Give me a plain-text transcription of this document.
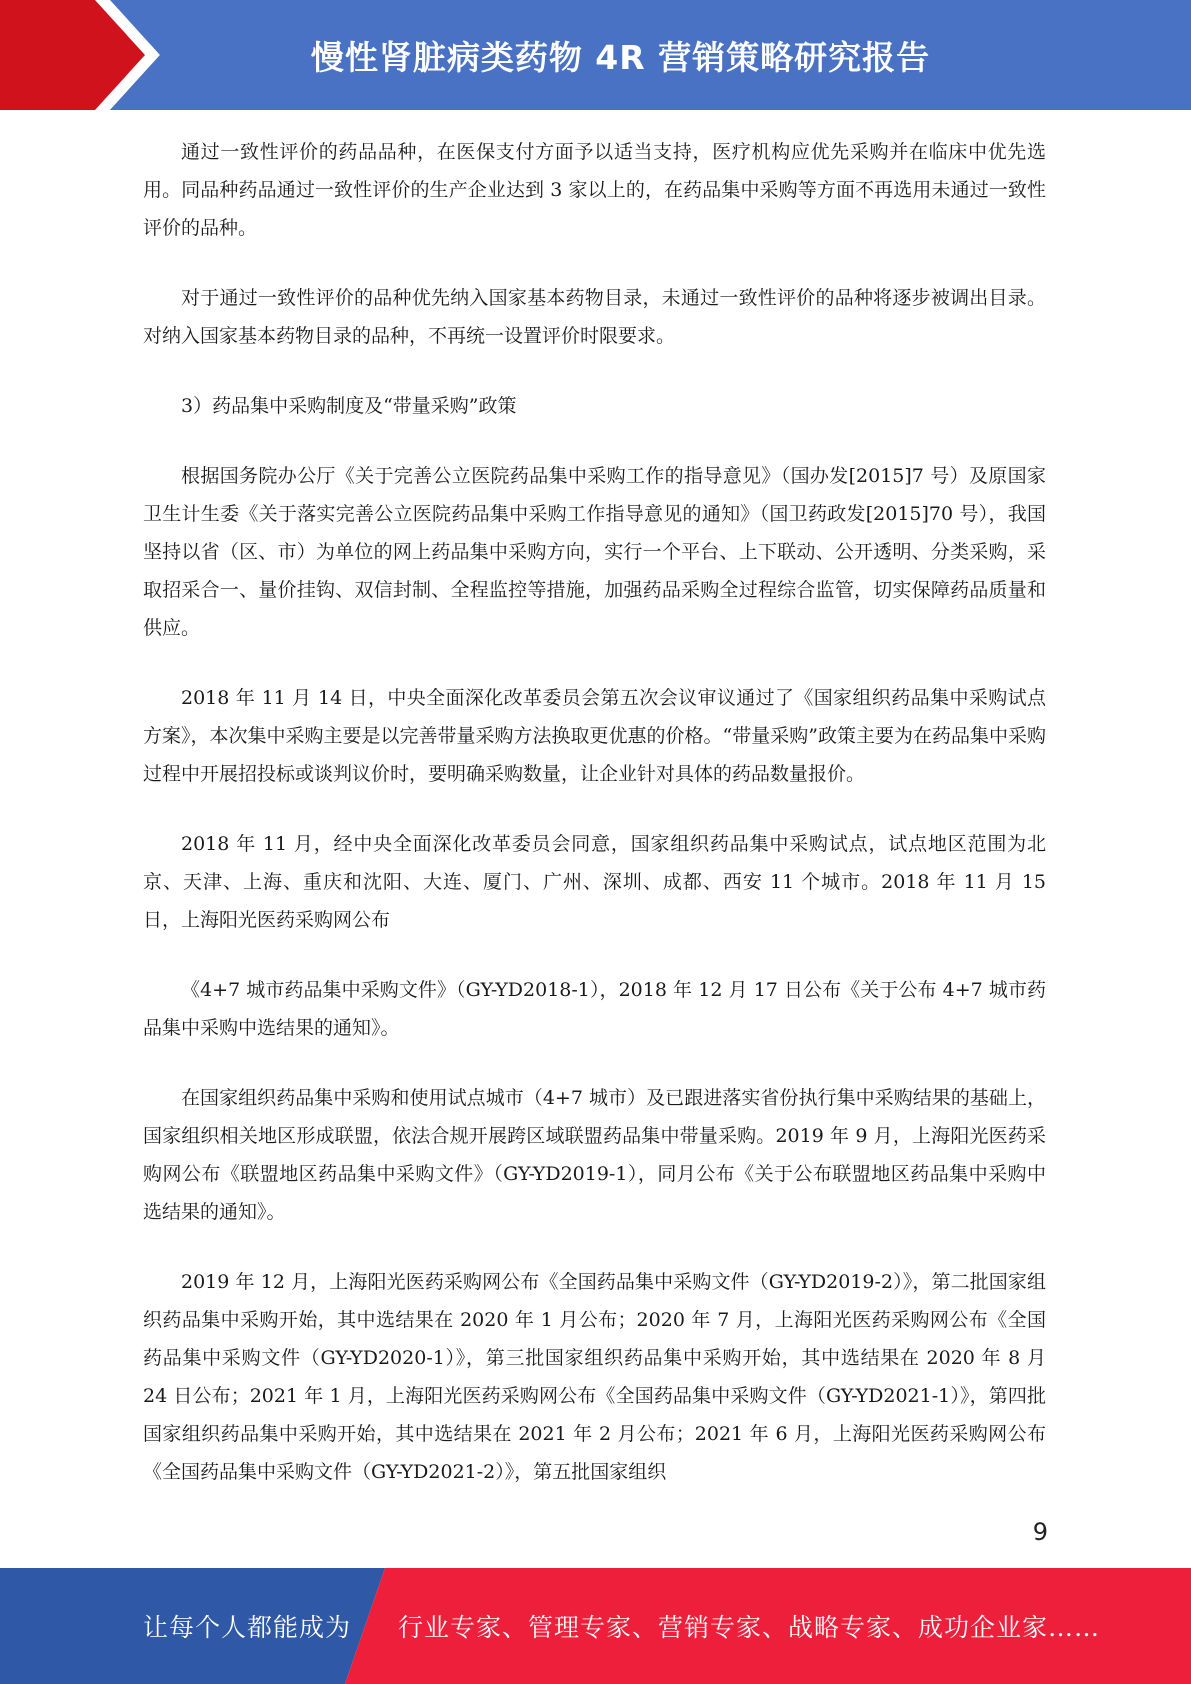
慢性肾脏病类药物 4R 营销策略研究报告

通过一致性评价的药品品种，在医保支付方面予以适当支持，医疗机构应优先采购并在临床中优先选用。同品种药品通过一致性评价的生产企业达到 3 家以上的，在药品集中采购等方面不再选用未通过一致性评价的品种。

对于通过一致性评价的品种优先纳入国家基本药物目录，未通过一致性评价的品种将逐步被调出目录。对纳入国家基本药物目录的品种，不再统一设置评价时限要求。

3）药品集中采购制度及“带量采购”政策

根据国务院办公厅《关于完善公立医院药品集中采购工作的指导意见》（国办发[2015]7 号）及原国家卫生计生委《关于落实完善公立医院药品集中采购工作指导意见的通知》（国卫药政发[2015]70 号），我国坚持以省（区、市）为单位的网上药品集中采购方向，实行一个平台、上下联动、公开透明、分类采购，采取招采合一、量价挂钩、双信封制、全程监控等措施，加强药品采购全过程综合监管，切实保障药品质量和供应。

2018 年 11 月 14 日，中央全面深化改革委员会第五次会议审议通过了《国家组织药品集中采购试点方案》，本次集中采购主要是以完善带量采购方法换取更优惠的价格。“带量采购”政策主要为在药品集中采购过程中开展招投标或谈判议价时，要明确采购数量，让企业针对具体的药品数量报价。

2018 年 11 月，经中央全面深化改革委员会同意，国家组织药品集中采购试点，试点地区范围为北京、天津、上海、重庆和沈阳、大连、厦门、广州、深圳、成都、西安 11 个城市。2018 年 11 月 15 日，上海阳光医药采购网公布

《4+7 城市药品集中采购文件》（GY-YD2018-1），2018 年 12 月 17 日公布《关于公布 4+7 城市药品集中采购中选结果的通知》。

在国家组织药品集中采购和使用试点城市（4+7 城市）及已跟进落实省份执行集中采购结果的基础上，国家组织相关地区形成联盟，依法合规开展跨区域联盟药品集中带量采购。2019 年 9 月，上海阳光医药采购网公布《联盟地区药品集中采购文件》（GY-YD2019-1），同月公布《关于公布联盟地区药品集中采购中选结果的通知》。

2019 年 12 月，上海阳光医药采购网公布《全国药品集中采购文件（GY-YD2019-2）》，第二批国家组织药品集中采购开始，其中选结果在 2020 年 1 月公布；2020 年 7 月，上海阳光医药采购网公布《全国药品集中采购文件（GY-YD2020-1）》，第三批国家组织药品集中采购开始，其中选结果在 2020 年 8 月 24 日公布；2021 年 1 月，上海阳光医药采购网公布《全国药品集中采购文件（GY-YD2021-1）》，第四批国家组织药品集中采购开始，其中选结果在 2021 年 2 月公布；2021 年 6 月，上海阳光医药采购网公布《全国药品集中采购文件（GY-YD2021-2）》，第五批国家组织

9
让每个人都能成为 行业专家、管理专家、营销专家、战略专家、成功企业家……
